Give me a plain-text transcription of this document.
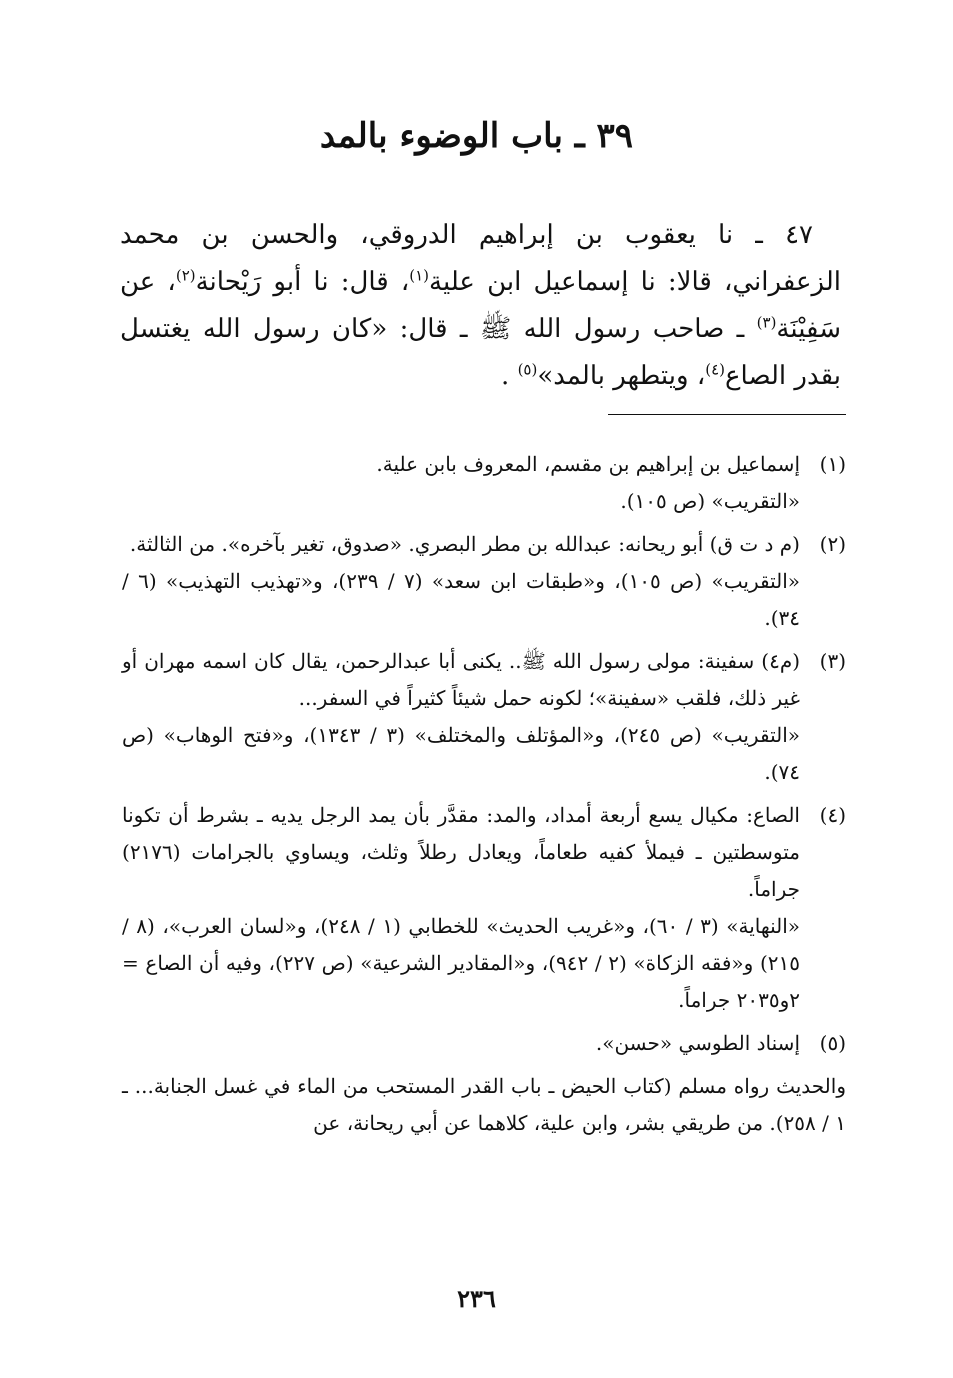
٣٩ ـ باب الوضوء بالمد

٤٧ ـ نا يعقوب بن إبراهيم الدروقي، والحسن بن محمد الزعفراني، قالا: نا إسماعيل ابن علية$^{(١)}$، قال: نا أبو رَيْحانة$^{(٢)}$، عن سَفِيْنَة$^{(٣)}$ ـ صاحب رسول الله ﷺ ـ قال: «كان رسول الله يغتسل بقدر الصاع$^{(٤)}$، ويتطهر بالمد»$^{(٥)}$ .

(١)

إسماعيل بن إبراهيم بن مقسم، المعروف بابن علية.

«التقريب» (ص ١٠٥).

(٢)

(م د ت ق) أبو ريحانه: عبدالله بن مطر البصري. «صدوق، تغير بآخره». من الثالثة.

«التقريب» (ص ١٠٥)، و«طبقات ابن سعد» (٧ / ٢٣٩)، و«تهذيب التهذيب» (٦ / ٣٤).

(٣)

(م٤) سفينة: مولى رسول الله ﷺ.. يكنى أبا عبدالرحمن، يقال كان اسمه مهران أو غير ذلك، فلقب «سفينة»؛ لكونه حمل شيئاً كثيراً في السفر...

«التقريب» (ص ٢٤٥)، و«المؤتلف والمختلف» (٣ / ١٣٤٣)، و«فتح الوهاب» (ص ٧٤).

(٤)

الصاع: مكيال يسع أربعة أمداد، والمد: مقدَّر بأن يمد الرجل يديه ـ بشرط أن تكونا متوسطتين ـ فيملأ كفيه طعاماً، ويعادل رطلاً وثلث، ويساوي بالجرامات (٢١٧٦) جراماً.

«النهاية» (٣ / ٦٠)، و«غريب الحديث» للخطابي (١ / ٢٤٨)، و«لسان العرب»، (٨ / ٢١٥) و«فقه الزكاة» (٢ / ٩٤٢)، و«المقادير الشرعية» (ص ٢٢٧)، وفيه أن الصاع = ٢و٢٠٣٥ جراماً.

(٥)

إسناد الطوسي «حسن».

والحديث رواه مسلم (كتاب الحيض ـ باب القدر المستحب من الماء في غسل الجنابة... ـ ١ / ٢٥٨). من طريقي بشر، وابن علية، كلاهما عن أبي ريحانة، عن

٢٣٦
